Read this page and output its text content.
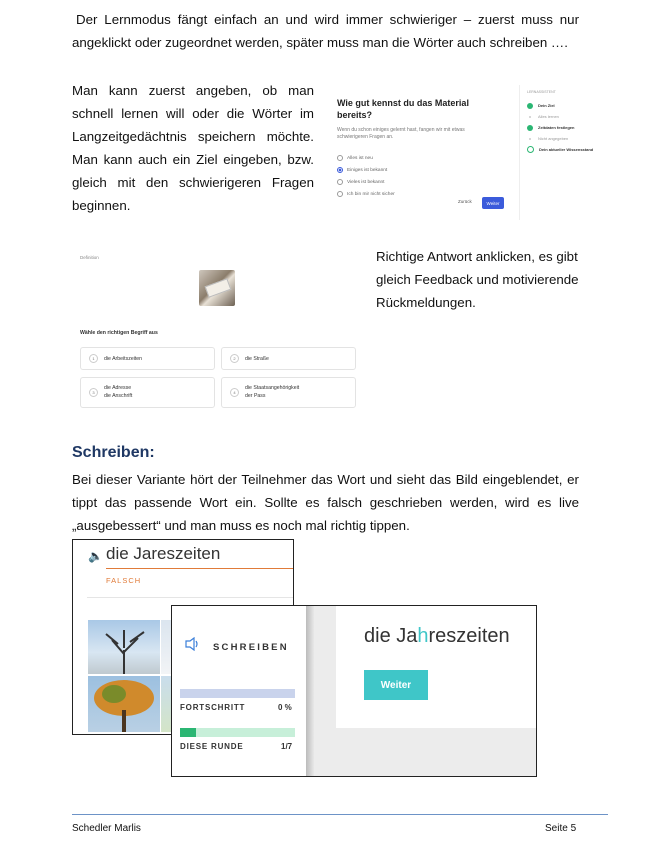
Der Lernmodus fängt einfach an und wird immer schwieriger – zuerst muss nur
angeklickt oder zugeordnet werden, später muss man die Wörter auch schreiben ….
Man kann zuerst angeben, ob man
schnell lernen will oder die Wörter im
Langzeitgedächtnis speichern möchte.
Man kann auch ein Ziel eingeben, bzw.
gleich mit den schwierigeren Fragen
beginnen.
Wie gut kennst du das Material
bereits?
Wenn du schon einiges gelernt hast, fangen wir mit etwas
schwierigeren Fragen an.
Alles ist neu
Einiges ist bekannt
Vieles ist bekannt
Ich bin mir nicht sicher
Zurück	Weiter
LERNASSISTENT
Dein Ziel
Alles lernen
Zeitdaten festlegen
Nicht angegeben
Dein aktueller Wissensstand
Richtige Antwort anklicken, es gibt
gleich Feedback und motivierende
Rückmeldungen.
Definition
Wähle den richtigen Begriff aus
1	die Arbeitszeiten	2	die Straße
3
die Adresse
die Anschrift	4
die Staatsangehörigkeit
der Pass
Schreiben:
Bei dieser Variante hört der Teilnehmer das Wort und sieht das Bild eingeblendet, er
tippt das passende Wort ein. Sollte es falsch geschrieben werden, wird es live
„ausgebessert“ und man muss es noch mal richtig tippen.
🔈 die Jareszeiten
FALSCH
SCHREIBEN
FORTSCHRITT	0 %
DIESE RUNDE	1/7
die Jahreszeiten
Weiter
Schedler Marlis	Seite 5
